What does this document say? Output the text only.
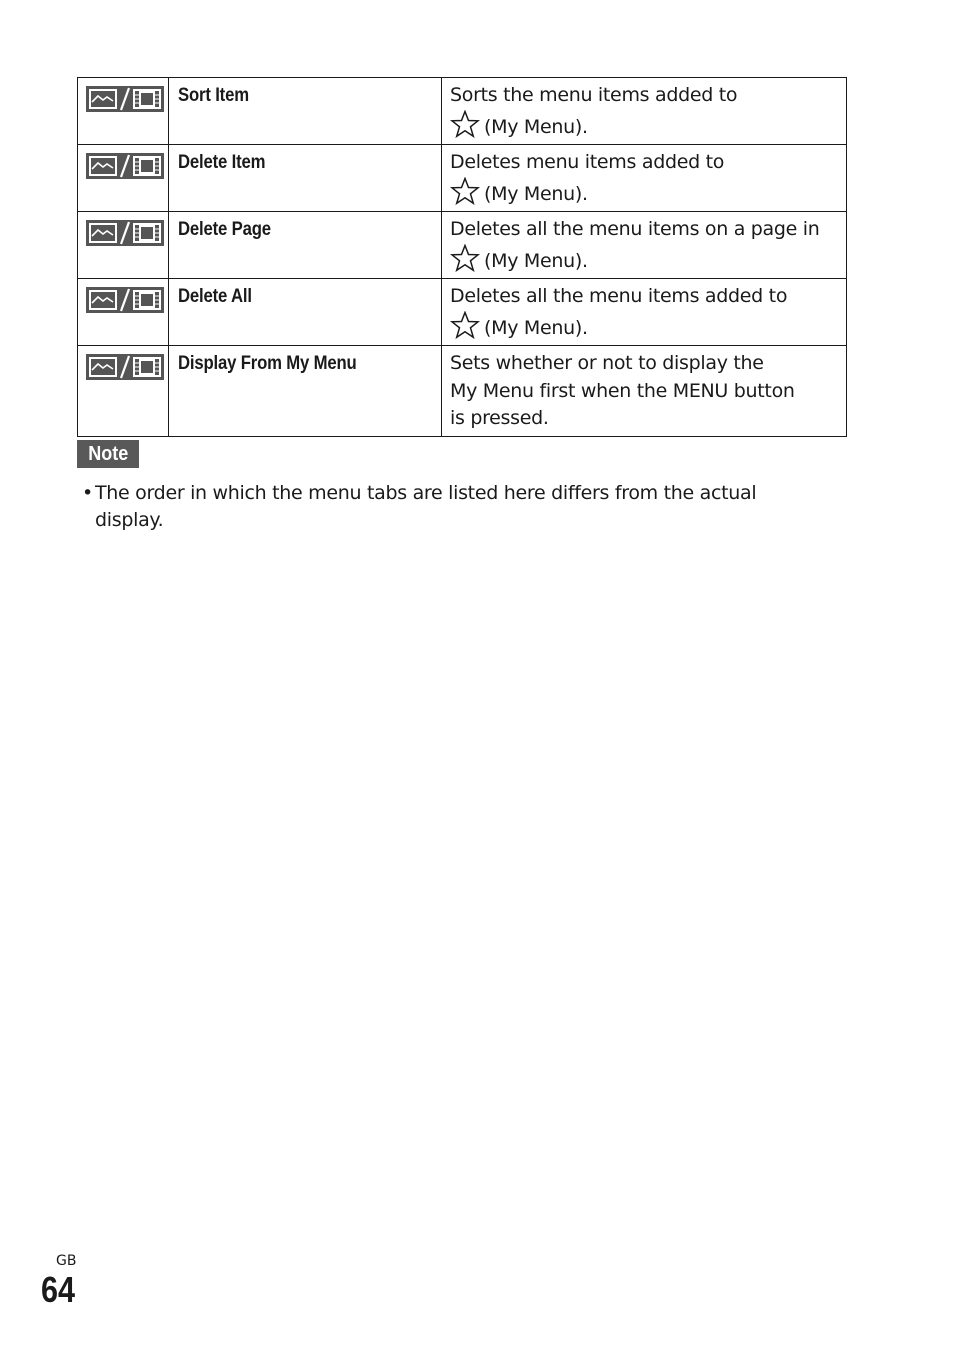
	Sort Item	Sorts the menu items added to
(My Menu).

	Delete Item	Deletes menu items added to
(My Menu).

	Delete Page	Deletes all the menu items on a page in
(My Menu).

	Delete All	Deletes all the menu items added to
(My Menu).

	Display From My Menu	Sets whether or not to display the
My Menu first when the MENU button
is pressed.
Note
• The order in which the menu tabs are listed here differs from the actual
display.
GB
64
